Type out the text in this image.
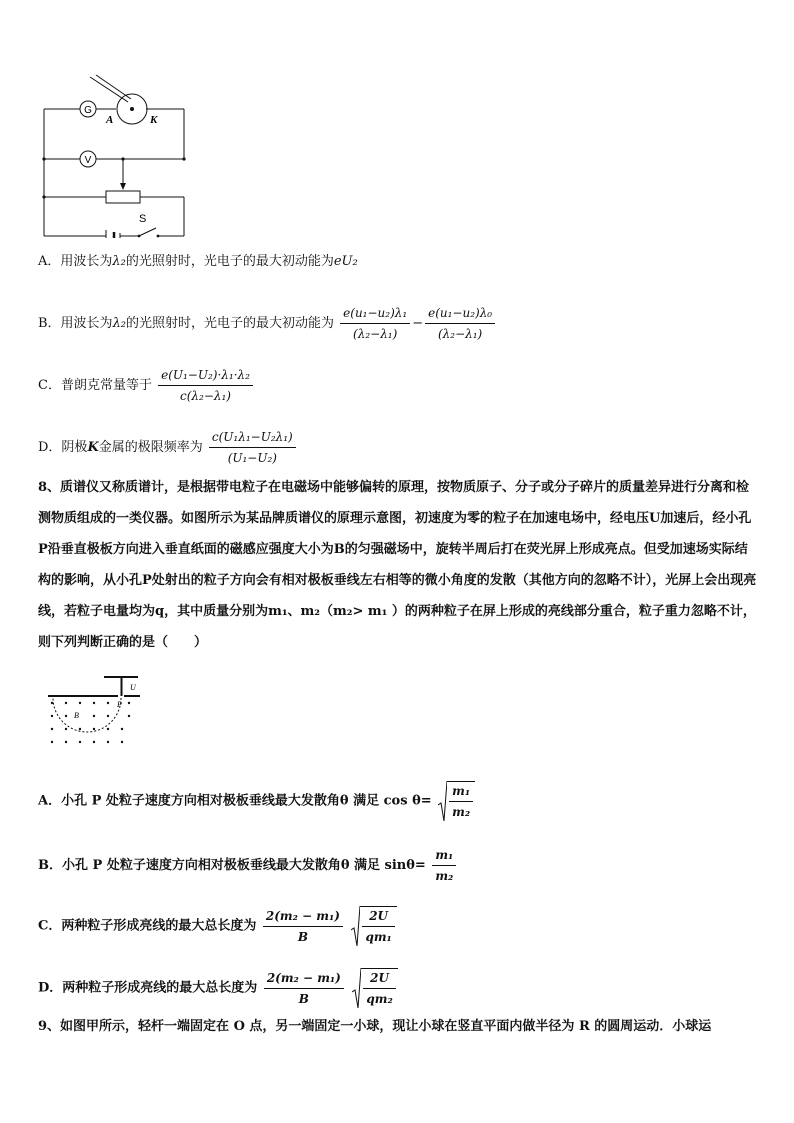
G
V
A	K
S
A．用波长为λ₂的光照射时，光电子的最大初动能为eU₂
B．用波长为λ₂的光照射时，光电子的最大初动能为 $\frac{\text{e(u₁−u₂)λ₁}}{\text{(λ₂−λ₁)}} - \frac{\text{e(u₁−u₂)λ₀}}{\text{(λ₂−λ₁)}}$
C．普朗克常量等于 $\frac{\text{e(U₁−U₂)·λ₁·λ₂}}{\text{c(λ₂−λ₁)}}$
D．阴极K金属的极限频率为 $\frac{\text{c(U₁λ₁−U₂λ₁)}}{\text{(U₁−U₂)}}$
8、质谱仪又称质谱计，是根据带电粒子在电磁场中能够偏转的原理，按物质原子、分子或分子碎片的质量差异进行分离和检测物质组成的一类仪器。如图所示为某品牌质谱仪的原理示意图，初速度为零的粒子在加速电场中，经电压U加速后，经小孔P沿垂直极板方向进入垂直纸面的磁感应强度大小为B的匀强磁场中，旋转半周后打在荧光屏上形成亮点。但受加速场实际结构的影响，从小孔P处射出的粒子方向会有相对极板垂线左右相等的微小角度的发散（其他方向的忽略不计），光屏上会出现亮线，若粒子电量均为q，其中质量分别为m₁、m₂（m₂> m₁ ）的两种粒子在屏上形成的亮线部分重合，粒子重力忽略不计，则下列判断正确的是（　　）
U
B
P
A．小孔 P 处粒子速度方向相对极板垂线最大发散角θ 满足 $\cos \theta= \frac{\text{m₁}}{\text{m₂}}$
B．小孔 P 处粒子速度方向相对极板垂线最大发散角θ 满足 $\sin\theta= \frac{\text{m₁}}{\text{m₂}}$
C．两种粒子形成亮线的最大总长度为 $\frac{\text{2(m₂ − m₁)}}{B}$
$\frac{2U}{\text{qm₁}}$
D．两种粒子形成亮线的最大总长度为 $\frac{\text{2(m₂ − m₁)}}{B}$
$\frac{2U}{\text{qm₂}}$
9、如图甲所示，轻杆一端固定在 O 点，另一端固定一小球，现让小球在竖直平面内做半径为 R 的圆周运动．小球运
